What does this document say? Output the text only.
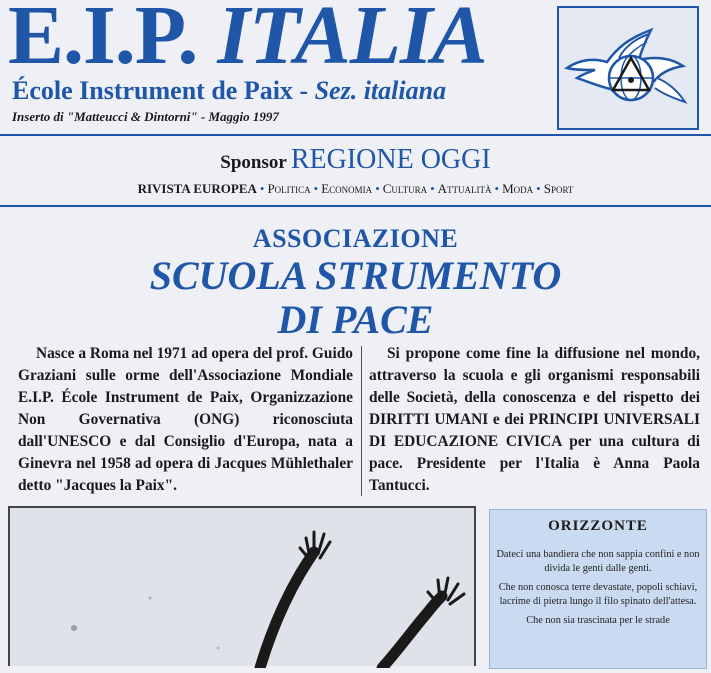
E.I.P. ITALIA
École Instrument de Paix - Sez. italiana
Inserto di "Matteucci & Dintorni" - Maggio 1997
Sponsor REGIONE OGGI
RIVISTA EUROPEA • Politica • Economia • Cultura • Attualità • Moda • Sport
ASSOCIAZIONE
SCUOLA STRUMENTO
DI PACE
Nasce a Roma nel 1971 ad opera del prof. Guido Graziani sulle orme dell'Associazione Mondiale E.I.P. École Instrument de Paix, Organizzazione Non Governativa (ONG) riconosciuta dall'UNESCO e dal Consiglio d'Europa, nata a Ginevra nel 1958 ad opera di Jacques Mühlethaler detto "Jacques la Paix".
Si propone come fine la diffusione nel mondo, attraverso la scuola e gli organismi responsabili delle Società, della conoscenza e del rispetto dei DIRITTI UMANI e dei PRINCIPI UNIVERSALI DI EDUCAZIONE CIVICA per una cultura di pace. Presidente per l'Italia è Anna Paola Tantucci.
ORIZZONTE

Dateci una bandiera che non sappia confini e non divida le genti dalle genti.

Che non conosca terre devastate, popoli schiavi, lacrime di pietra lungo il filo spinato dell'attesa.

Che non sia trascinata per le strade
